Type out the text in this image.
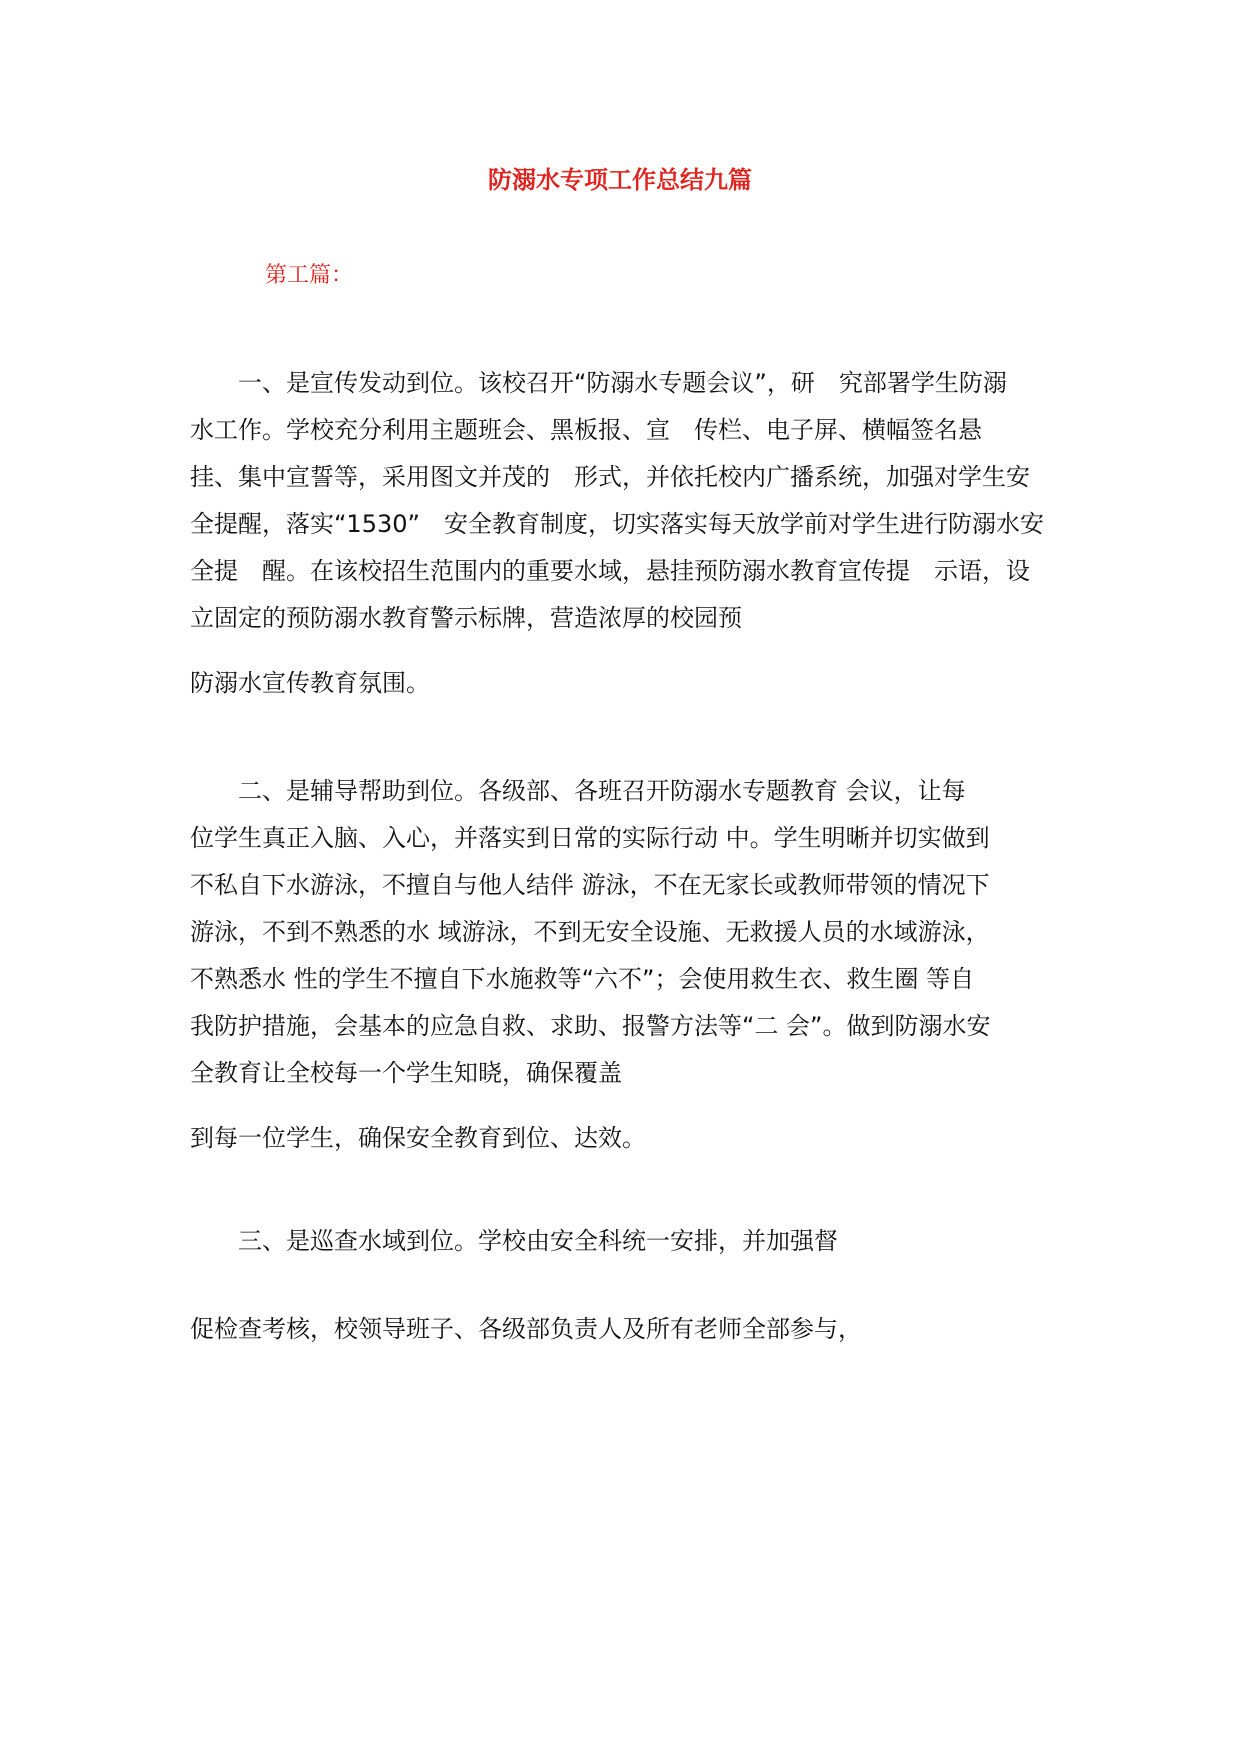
防溺水专项工作总结九篇
第工篇：
　　一、是宣传发动到位。该校召开“防溺水专题会议”，研　究部署学生防溺
水工作。学校充分利用主题班会、黑板报、宣　传栏、电子屏、横幅签名悬
挂、集中宣誓等，采用图文并茂的　形式，并依托校内广播系统，加强对学生安
全提醒，落实“1530”　安全教育制度，切实落实每天放学前对学生进行防溺水安
全提　醒。在该校招生范围内的重要水域，悬挂预防溺水教育宣传提　示语，设
立固定的预防溺水教育警示标牌，营造浓厚的校园预
防溺水宣传教育氛围。
　　二、是辅导帮助到位。各级部、各班召开防溺水专题教育 会议，让每
位学生真正入脑、入心，并落实到日常的实际行动 中。学生明晰并切实做到
不私自下水游泳，不擅自与他人结伴 游泳，不在无家长或教师带领的情况下
游泳，不到不熟悉的水 域游泳，不到无安全设施、无救援人员的水域游泳，
不熟悉水 性的学生不擅自下水施救等“六不”；会使用救生衣、救生圈 等自
我防护措施，会基本的应急自救、求助、报警方法等“二 会”。做到防溺水安
全教育让全校每一个学生知晓，确保覆盖
到每一位学生，确保安全教育到位、达效。
　　三、是巡查水域到位。学校由安全科统一安排，并加强督
促检查考核，校领导班子、各级部负责人及所有老师全部参与，
